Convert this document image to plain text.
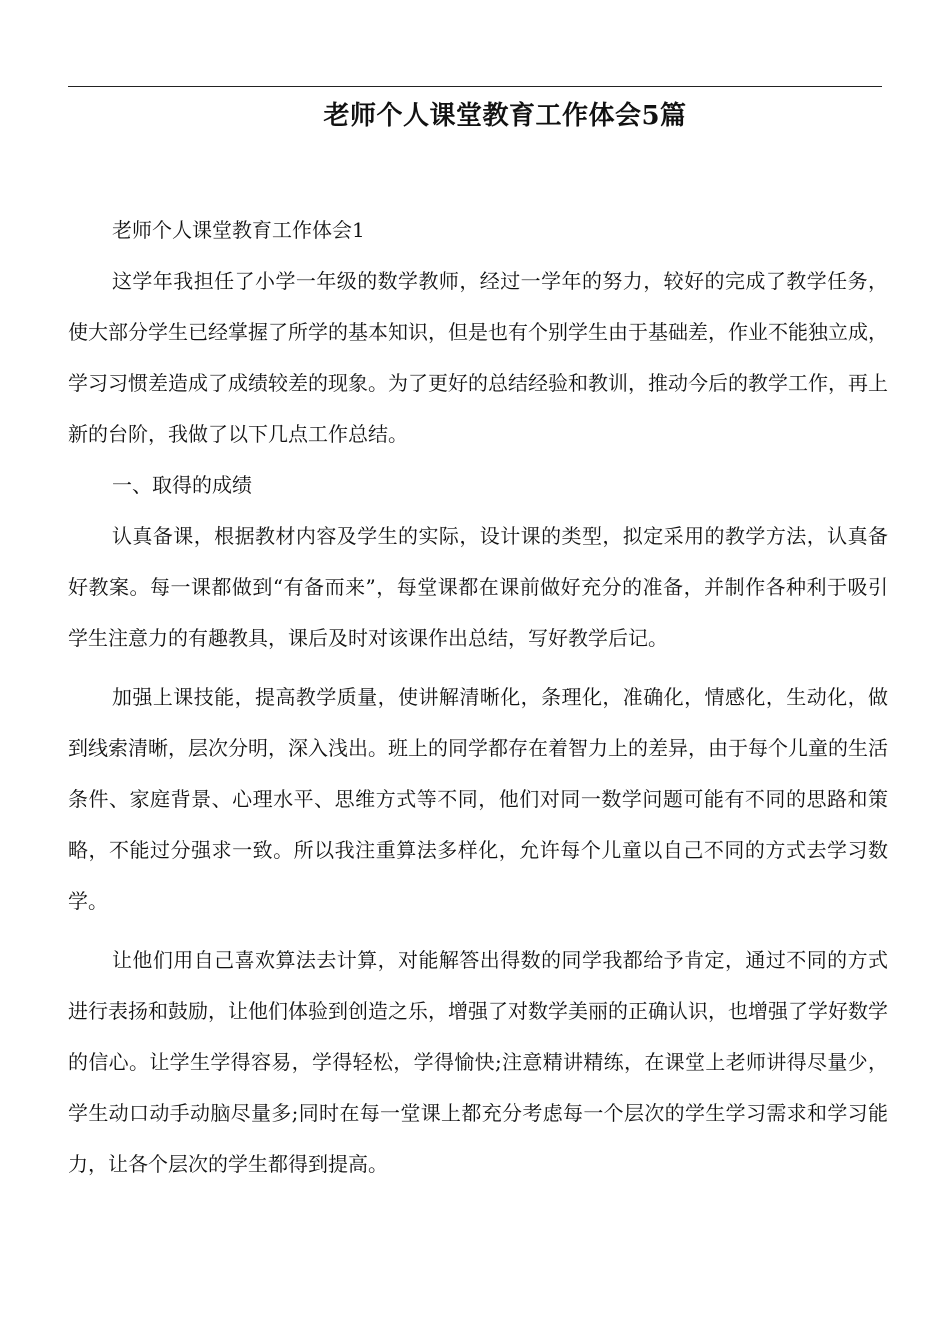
老师个人课堂教育工作体会5篇

老师个人课堂教育工作体会1

这学年我担任了小学一年级的数学教师，经过一学年的努力，较好的完成了教学任务，使大部分学生已经掌握了所学的基本知识，但是也有个别学生由于基础差，作业不能独立成，学习习惯差造成了成绩较差的现象。为了更好的总结经验和教训，推动今后的教学工作，再上新的台阶，我做了以下几点工作总结。

一、取得的成绩

认真备课，根据教材内容及学生的实际，设计课的类型，拟定采用的教学方法，认真备好教案。每一课都做到“有备而来”，每堂课都在课前做好充分的准备，并制作各种利于吸引学生注意力的有趣教具，课后及时对该课作出总结，写好教学后记。

加强上课技能，提高教学质量，使讲解清晰化，条理化，准确化，情感化，生动化，做到线索清晰，层次分明，深入浅出。班上的同学都存在着智力上的差异，由于每个儿童的生活条件、家庭背景、心理水平、思维方式等不同，他们对同一数学问题可能有不同的思路和策略，不能过分强求一致。所以我注重算法多样化，允许每个儿童以自己不同的方式去学习数学。

让他们用自己喜欢算法去计算，对能解答出得数的同学我都给予肯定，通过不同的方式进行表扬和鼓励，让他们体验到创造之乐，增强了对数学美丽的正确认识，也增强了学好数学的信心。让学生学得容易，学得轻松，学得愉快;注意精讲精练，在课堂上老师讲得尽量少，学生动口动手动脑尽量多;同时在每一堂课上都充分考虑每一个层次的学生学习需求和学习能力，让各个层次的学生都得到提高。
